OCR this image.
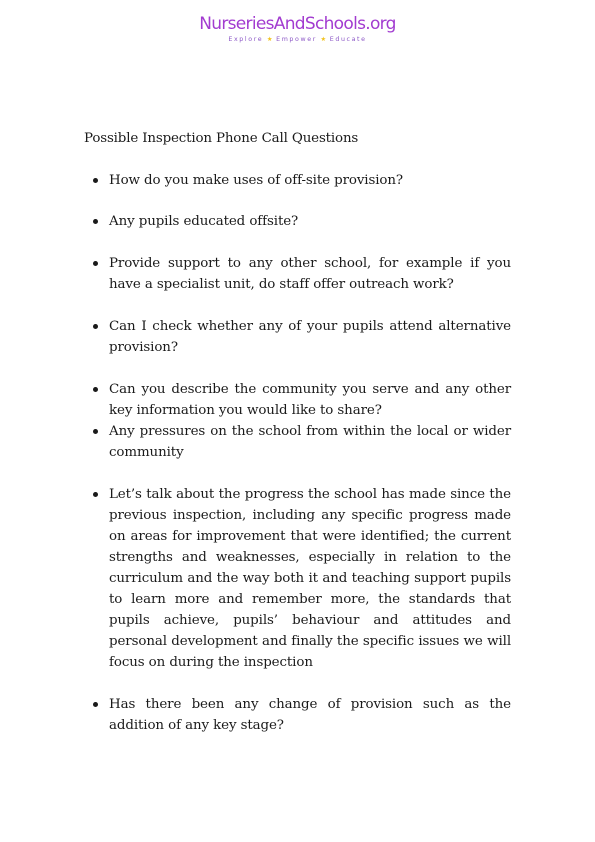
NurseriesAndSchools.org
Explore ★ Empower ★ Educate
Possible Inspection Phone Call Questions
How do you make uses of off-site provision?
Any pupils educated offsite?
Provide support to any other school, for example if you have a specialist unit, do staff offer outreach work?
Can I check whether any of your pupils attend alternative provision?
Can you describe the community you serve and any other key information you would like to share?
Any pressures on the school from within the local or wider community
Let’s talk about the progress the school has made since the previous inspection, including any specific progress made on areas for improvement that were identified; the current strengths and weaknesses, especially in relation to the curriculum and the way both it and teaching support pupils to learn more and remember more, the standards that pupils achieve, pupils’ behaviour and attitudes and personal development and finally the specific issues we will focus on during the inspection
Has there been any change of provision such as the addition of any key stage?
